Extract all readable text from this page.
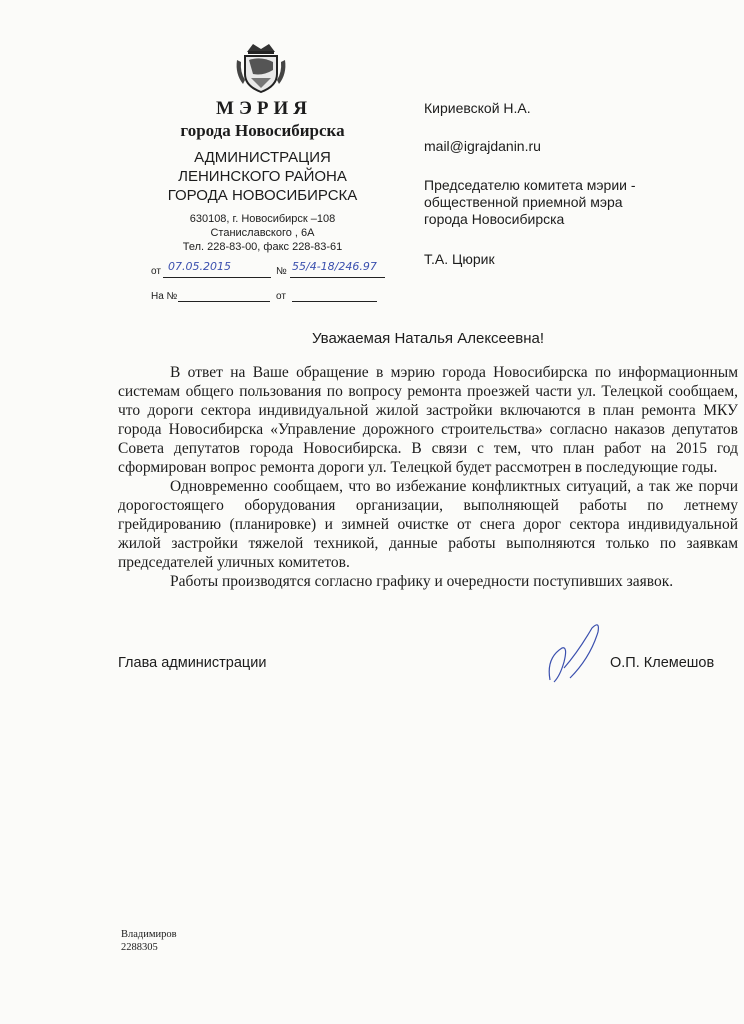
МЭРИЯ
города Новосибирска
АДМИНИСТРАЦИЯ
ЛЕНИНСКОГО РАЙОНА
ГОРОДА НОВОСИБИРСКА
630108, г. Новосибирск –108
Станиславского , 6А
Тел. 228-83-00, факс 228-83-61
от 07.05.2015	№ 55/4-18/246.97
На №	от
Кириевской Н.А.
mail@igrajdanin.ru
Председателю комитета мэрии -
общественной приемной мэра
города Новосибирска
Т.А. Цюрик
Уважаемая Наталья Алексеевна!

В ответ на Ваше обращение в мэрию города Новосибирска по информационным системам общего пользования по вопросу ремонта проезжей части ул. Телецкой сообщаем, что дороги сектора индивидуальной жилой застройки включаются в план ремонта МКУ города Новосибирска «Управление дорожного строительства» согласно наказов депутатов Совета депутатов города Новосибирска. В связи с тем, что план работ на 2015 год сформирован вопрос ремонта дороги ул. Телецкой будет рассмотрен в последующие годы.

Одновременно сообщаем, что во избежание конфликтных ситуаций, а так же порчи дорогостоящего оборудования организации, выполняющей работы по летнему грейдированию (планировке) и зимней очистке от снега дорог сектора индивидуальной жилой застройки тяжелой техникой, данные работы выполняются только по заявкам председателей уличных комитетов.

Работы производятся согласно графику и очередности поступивших заявок.

Глава администрации	О.П. Клемешов
Владимиров
2288305
